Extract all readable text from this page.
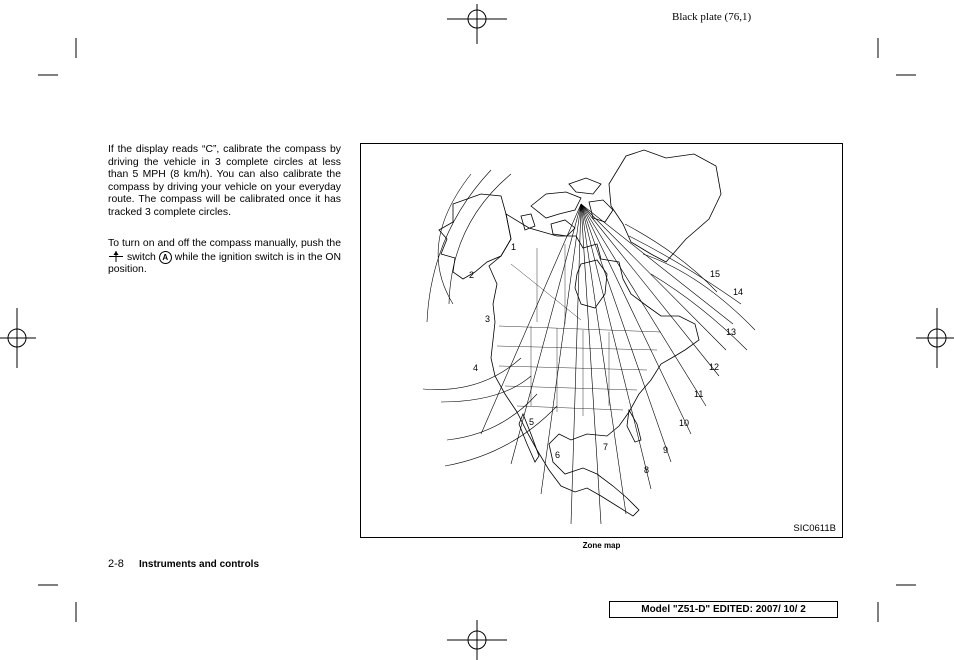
Black plate (76,1)

If the display reads “C”, calibrate the compass by driving the vehicle in 3 complete circles at less than 5 MPH (8 km/h). You can also calibrate the compass by driving your vehicle on your everyday route. The compass will be calibrated once it has tracked 3 complete circles.

To turn on and off the compass manually, push the  switch A while the ignition switch is in the ON position.

1
2
3
4
5
6
7
8
9
10
11
12
13
14
15
SIC0611B
Zone map
2-8 Instruments and controls
Model "Z51-D" EDITED: 2007/ 10/ 2
